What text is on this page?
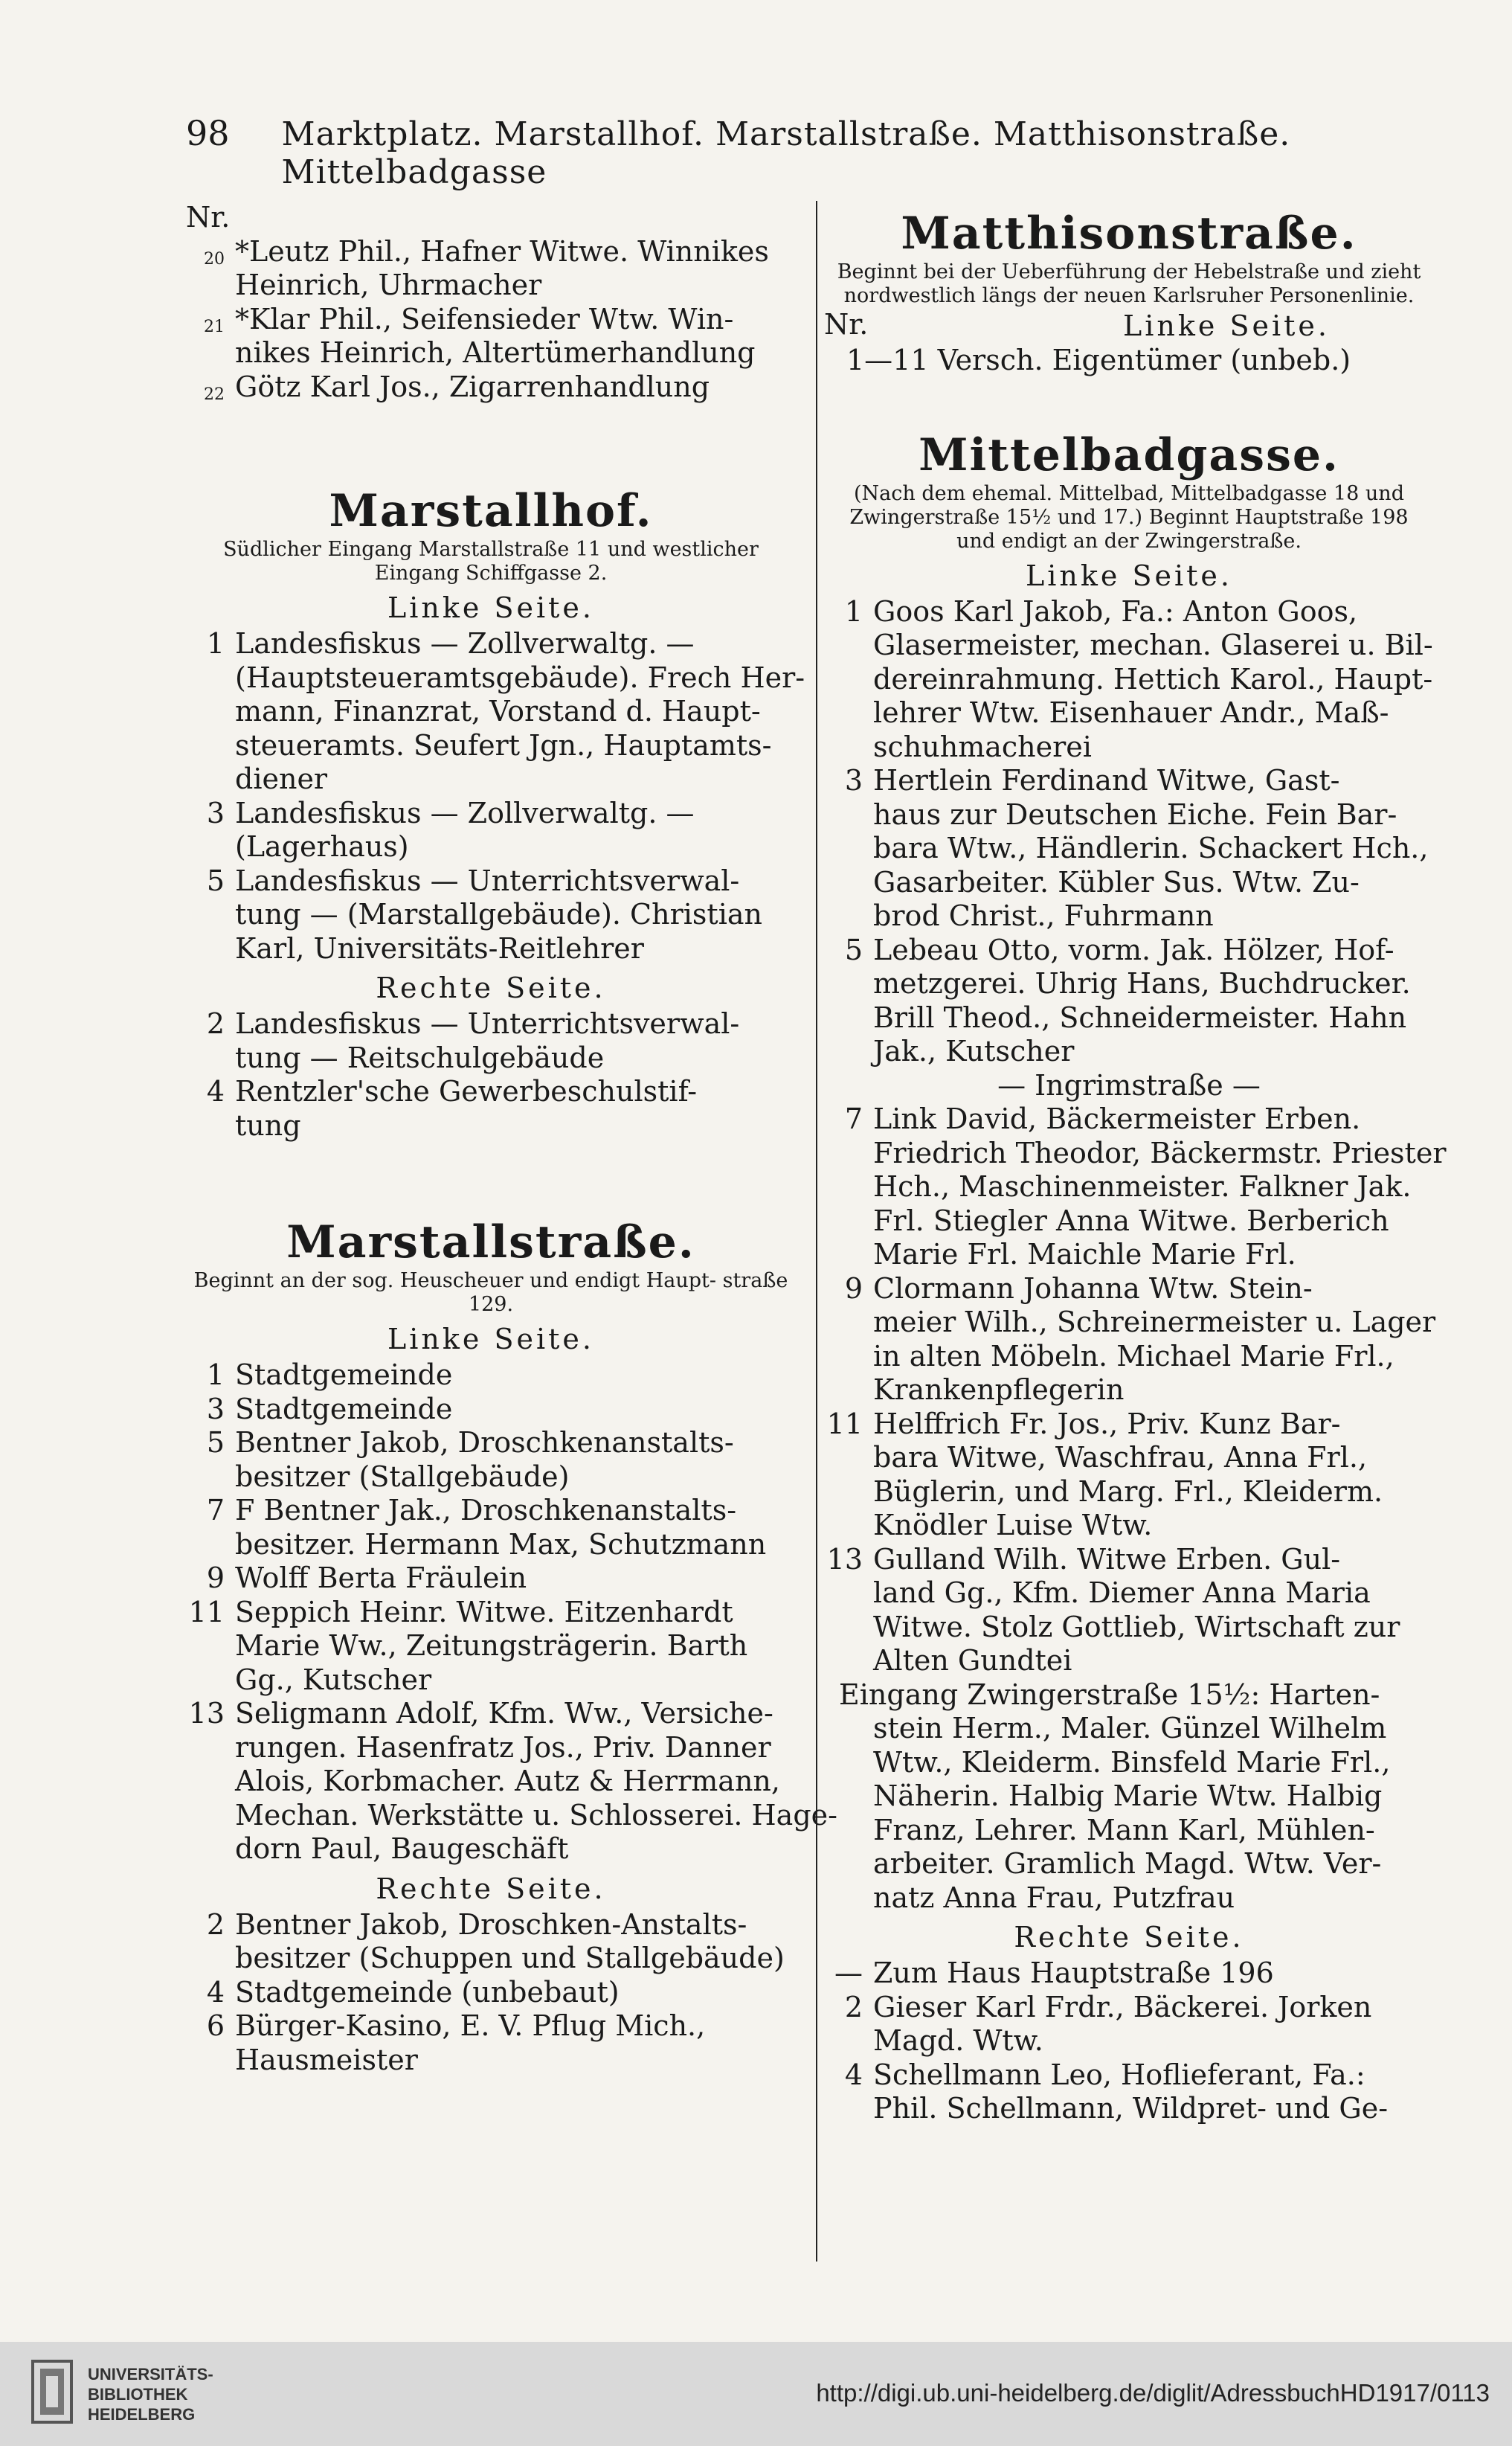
98 Marktplatz. Marstallhof. Marstallstraße. Matthisonstraße. Mittelbadgasse
Nr.
20 *Leutz Phil., Hafner Witwe. Winnikes
Heinrich, Uhrmacher
21 *Klar Phil., Seifensieder Wtw. Win-
nikes Heinrich, Altertümerhandlung
22 Götz Karl Jos., Zigarrenhandlung
Marstallhof.
Südlicher Eingang Marstallstraße 11 und westlicher Eingang Schiffgasse 2.
Linke Seite.
1 Landesfiskus — Zollverwaltg. —
(Hauptsteueramtsgebäude). Frech Her-
mann, Finanzrat, Vorstand d. Haupt-
steueramts. Seufert Jgn., Hauptamts-
diener
3 Landesfiskus — Zollverwaltg. —
(Lagerhaus)
5 Landesfiskus — Unterrichtsverwal-
tung — (Marstallgebäude). Christian
Karl, Universitäts-Reitlehrer
Rechte Seite.
2 Landesfiskus — Unterrichtsverwal-
tung — Reitschulgebäude
4 Rentzler'sche Gewerbeschulstif-
tung
Marstallstraße.
Beginnt an der sog. Heuscheuer und endigt Haupt- straße 129.
Linke Seite.
1 Stadtgemeinde
3 Stadtgemeinde
5 Bentner Jakob, Droschkenanstalts-
besitzer (Stallgebäude)
7 F Bentner Jak., Droschkenanstalts-
besitzer. Hermann Max, Schutzmann
9 Wolff Berta Fräulein
11 Seppich Heinr. Witwe. Eitzenhardt
Marie Ww., Zeitungsträgerin. Barth
Gg., Kutscher
13 Seligmann Adolf, Kfm. Ww., Versiche-
rungen. Hasenfratz Jos., Priv. Danner
Alois, Korbmacher. Autz & Herrmann,
Mechan. Werkstätte u. Schlosserei. Hage-
dorn Paul, Baugeschäft
Rechte Seite.
2 Bentner Jakob, Droschken-Anstalts-
besitzer (Schuppen und Stallgebäude)
4 Stadtgemeinde (unbebaut)
6 Bürger-Kasino, E. V. Pflug Mich.,
Hausmeister
Matthisonstraße.
Beginnt bei der Ueberführung der Hebelstraße und zieht nordwestlich längs der neuen Karlsruher Personenlinie.
Nr.	Linke Seite.
1—11 Versch. Eigentümer (unbeb.)
Mittelbadgasse.
(Nach dem ehemal. Mittelbad, Mittelbadgasse 18 und Zwingerstraße 15½ und 17.) Beginnt Hauptstraße 198 und endigt an der Zwingerstraße.
Linke Seite.
1 Goos Karl Jakob, Fa.: Anton Goos,
Glasermeister, mechan. Glaserei u. Bil-
dereinrahmung. Hettich Karol., Haupt-
lehrer Wtw. Eisenhauer Andr., Maß-
schuhmacherei
3 Hertlein Ferdinand Witwe, Gast-
haus zur Deutschen Eiche. Fein Bar-
bara Wtw., Händlerin. Schackert Hch.,
Gasarbeiter. Kübler Sus. Wtw. Zu-
brod Christ., Fuhrmann
5 Lebeau Otto, vorm. Jak. Hölzer, Hof-
metzgerei. Uhrig Hans, Buchdrucker.
Brill Theod., Schneidermeister. Hahn
Jak., Kutscher
— Ingrimstraße —
7 Link David, Bäckermeister Erben.
Friedrich Theodor, Bäckermstr. Priester
Hch., Maschinenmeister. Falkner Jak.
Frl. Stiegler Anna Witwe. Berberich
Marie Frl. Maichle Marie Frl.
9 Clormann Johanna Wtw. Stein-
meier Wilh., Schreinermeister u. Lager
in alten Möbeln. Michael Marie Frl.,
Krankenpflegerin
11 Helffrich Fr. Jos., Priv. Kunz Bar-
bara Witwe, Waschfrau, Anna Frl.,
Büglerin, und Marg. Frl., Kleiderm.
Knödler Luise Wtw.
13 Gulland Wilh. Witwe Erben. Gul-
land Gg., Kfm. Diemer Anna Maria
Witwe. Stolz Gottlieb, Wirtschaft zur
Alten Gundtei
Eingang Zwingerstraße 15½: Harten-
stein Herm., Maler. Günzel Wilhelm
Wtw., Kleiderm. Binsfeld Marie Frl.,
Näherin. Halbig Marie Wtw. Halbig
Franz, Lehrer. Mann Karl, Mühlen-
arbeiter. Gramlich Magd. Wtw. Ver-
natz Anna Frau, Putzfrau
Rechte Seite.
— Zum Haus Hauptstraße 196
2 Gieser Karl Frdr., Bäckerei. Jorken
Magd. Wtw.
4 Schellmann Leo, Hoflieferant, Fa.:
Phil. Schellmann, Wildpret- und Ge-
UNIVERSITÄTS-
BIBLIOTHEK
HEIDELBERG
http://digi.ub.uni-heidelberg.de/diglit/AdressbuchHD1917/0113
